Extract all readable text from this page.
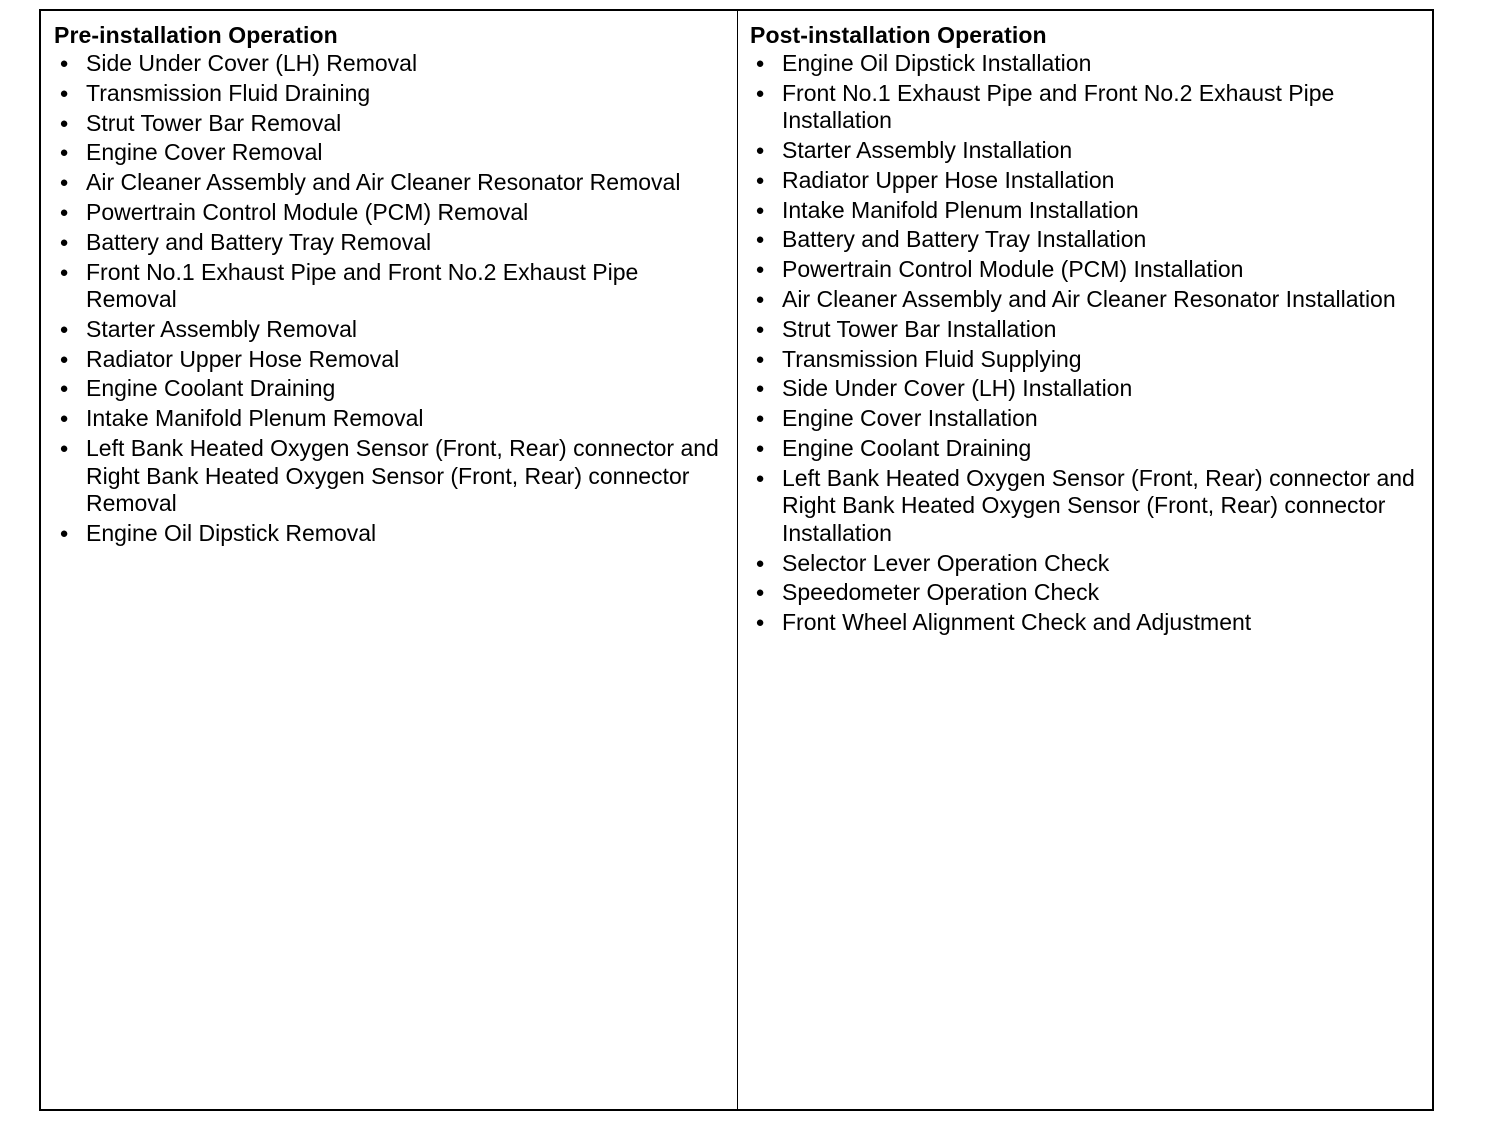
Pre-installation Operation
● Side Under Cover (LH) Removal
● Transmission Fluid Draining
● Strut Tower Bar Removal
● Engine Cover Removal
● Air Cleaner Assembly and Air Cleaner Resonator Removal
● Powertrain Control Module (PCM) Removal
● Battery and Battery Tray Removal
● Front No.1 Exhaust Pipe and Front No.2 Exhaust Pipe Removal
● Starter Assembly Removal
● Radiator Upper Hose Removal
● Engine Coolant Draining
● Intake Manifold Plenum Removal
● Left Bank Heated Oxygen Sensor (Front, Rear) connector and Right Bank Heated Oxygen Sensor (Front, Rear) connector Removal
● Engine Oil Dipstick Removal
Post-installation Operation
● Engine Oil Dipstick Installation
● Front No.1 Exhaust Pipe and Front No.2 Exhaust Pipe Installation
● Starter Assembly Installation
● Radiator Upper Hose Installation
● Intake Manifold Plenum Installation
● Battery and Battery Tray Installation
● Powertrain Control Module (PCM) Installation
● Air Cleaner Assembly and Air Cleaner Resonator Installation
● Strut Tower Bar Installation
● Transmission Fluid Supplying
● Side Under Cover (LH) Installation
● Engine Cover Installation
● Engine Coolant Draining
● Left Bank Heated Oxygen Sensor (Front, Rear) connector and Right Bank Heated Oxygen Sensor (Front, Rear) connector Installation
● Selector Lever Operation Check
● Speedometer Operation Check
● Front Wheel Alignment Check and Adjustment
